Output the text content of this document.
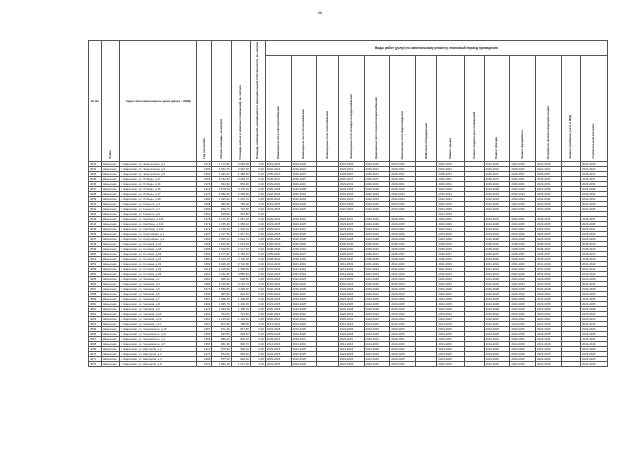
46
№ п/п	Район	Адрес многоквартирного дома (далее – МКД)	Год постройки	Общая площадь, кв.метров	Площадь жилых и нежилых помещений, кв. метров	Площадь помещений, находящихся в муниципальной собственности, кв. метров	Виды работ (услуг) по капитальному ремонту, плановый период проведения													
							Инженерные сети электроснабжения	Инженерные сети теплоснабжения	Инженерные сети газоснабжения	Инженерные сети холодного водоснабжения	Инженерные сети горячего водоснабжения	Инженерные сети водоотведения	Лифтовое оборудование	Ремонт крыши	Ремонт подвальных помещений	Ремонт фасада	Ремонт фундамента	Разработка проектной документации	Замена приборов учета в МКД	Строительный контроль
4632	Шарыпово	г. Шарыпово, пр. Энергетиков, д.1	1979	4 172,80	3 665,60	0,00	2024-2026	2023-2025		2023-2025	2023-2025	2023-2025		2023-2025		2023-2025	2023-2025	2023-2025		2023-2025
4633	Шарыпово	г. Шарыпово, пр. Энергетиков, д.3	1990	4 534,70	4 042,90	0,00	2020-2022	2020-2022		2020-2022	2020-2022	2020-2022		2020-2022		2020-2022	2020-2022	2020-2022		2020-2022
4634	Шарыпово	г. Шарыпово, пр. Энергетиков, д.5	1992	1 461,60	1 380,50	0,00	2035-2037	2035-2037		2035-2037	2035-2037	2035-2037		2035-2037		2035-2037	2035-2037	2035-2037		2035-2037
4635	Шарыпово	г. Шарыпово, пр. Победы, д.17	2002	8 732,50	6 939,70	0,00	2035-2037	2035-2037		2035-2037	2035-2037	2035-2037		2035-2037		2035-2037	2035-2037	2035-2037		2035-2037
4636	Шарыпово	г. Шарыпово, пр. Победы, д.31	1970	933,30	852,40	0,00	2029-2031	2029-2031		2029-2031	2029-2031	2029-2031		2029-2031		2029-2031	2029-2031	2029-2031		2029-2031
4637	Шарыпово	г. Шарыпово, пр. Победы, д.35	1974	3 578,60	3 175,40	0,00	2026-2028	2026-2028		2026-2028	2026-2028	2026-2028		2026-2028		2026-2028	2026-2028	2026-2028		2026-2028
4638	Шарыпово	г. Шарыпово, пр. Победы, д.37	1975	3 580,90	2 948,90	0,00	2032-2034	2032-2034		2032-2034	2032-2034	2032-2034		2032-2034		2032-2034	2032-2034	2032-2034		2032-2034
4639	Шарыпово	г. Шарыпово, пр. Победы, д.49	1982	1 293,00	1 201,70	0,00	2032-2034	2032-2034		2032-2034	2032-2034	2032-2034		2032-2034		2032-2034	2032-2034	2032-2034		2032-2034
4640	Шарыпово	г. Шарыпово, ул. Горького, д.4	1958	960,50	759,30	0,00	2023-2025	2023-2025		2023-2025	2023-2025	2023-2025		2023-2025		2023-2025	2023-2025	2023-2025		2023-2025
4641	Шарыпово	г. Шарыпово, ул. Горького, д.7	1960	849,70	742,60	0,00	2023-2025	2023-2025		2023-2025	2023-2025	2023-2025		2023-2025		2023-2025	2023-2025	2023-2025		2023-2025
4642	Шарыпово	г. Шарыпово, ул. Горького, д.9	1962	548,90	507,80	0,00								2017-2019						
4643	Шарыпово	г. Шарыпово, ул. Свободы, д.129	1978	1 170,30	1 087,20	0,00	2029-2031	2029-2031		2029-2031	2029-2031	2029-2031		2029-2031		2029-2031	2029-2031	2029-2031		2029-2031
4644	Шарыпово	г. Шарыпово, ул. Свободы, д.131	1972	1 155,30	1 083,40	0,00	2023-2025	2023-2025		2023-2025	2023-2025	2023-2025		2023-2025		2023-2025	2023-2025	2023-2025		2023-2025
4645	Шарыпово	г. Шарыпово, ул. Свободы, д.133	1971	1 156,50	1 002,10	0,00	2029-2031	2029-2031		2029-2031	2029-2031	2029-2031		2029-2031		2029-2031	2029-2031	2029-2031		2029-2031
4646	Шарыпово	г. Шарыпово, ул. Спортивная, д.1	1967	2 117,50	1 917,40	0,00	2023-2025	2023-2025		2023-2025	2023-2025	2023-2025		2023-2025		2023-2025	2023-2025	2023-2025		2023-2025
4647	Шарыпово	г. Шарыпово, ул. Спортивная, д.3	1964	3 003,20	2 644,70	0,00	2026-2028	2026-2028		2026-2028	2026-2028	2026-2028		2026-2028		2026-2028	2026-2028	2026-2028		2026-2028
4648	Шарыпово	г. Шарыпово, ул. Степная, д.16	1966	1 813,50	1 614,60	0,00	2038-2040	2038-2040		2038-2040	2038-2040	2038-2040		2038-2040		2038-2040	2038-2040	2038-2040		2038-2040
4649	Шарыпово	г. Шарыпово, ул. Степная, д.18	1968	2 520,50	2 217,40	0,00	2038-2040	2038-2040		2038-2040	2038-2040	2038-2040		2038-2040		2038-2040	2038-2040	2038-2040		2038-2040
4650	Шарыпово	г. Шарыпово, ул. Степная, д.19	1969	3 177,50	2 784,40	0,00	2035-2037	2035-2037		2035-2037	2035-2037	2035-2037		2035-2037		2035-2037	2035-2037	2035-2037		2035-2037
4651	Шарыпово	г. Шарыпово, ул. Степная, д.21	1980	3 103,70	2 732,00	0,00	2038-2040	2038-2040		2038-2040	2038-2040	2038-2040		2038-2040		2038-2040	2038-2040	2038-2040		2038-2040
4652	Шарыпово	г. Шарыпово, ул. Степная, д.22	1982	4 206,40	3 722,80	0,00	2041-2043	2041-2043		2041-2043	2041-2043	2041-2043		2041-2043		2041-2043	2041-2043	2041-2043		2041-2043
4653	Шарыпово	г. Шарыпово, ул. Степная, д.23	2013	2 216,80	1 938,80	0,00	2041-2043	2041-2043		2041-2043	2041-2043	2041-2043		2041-2043		2041-2043	2041-2043	2041-2043		2041-2043
4654	Шарыпово	г. Шарыпово, ул. Степная, д.25	2012	4 311,80	3 850,40	0,00	2041-2043	2041-2043		2041-2043	2041-2043	2041-2043		2041-2043		2041-2043	2041-2043	2041-2043		2041-2043
4655	Шарыпово	г. Шарыпово, ул. Чапаева, д.1	1961	938,10	838,50	0,00	2023-2025	2023-2025		2023-2025	2023-2025	2023-2025		2023-2025		2023-2025	2023-2025	2023-2025		2023-2025
4656	Шарыпово	г. Шарыпово, ул. Чапаева, д.3	1982	3 419,80	3 124,70	0,00	2032-2034	2032-2034		2032-2034	2032-2034	2032-2034		2032-2034		2032-2034	2032-2034	2032-2034		2032-2034
4657	Шарыпово	г. Шарыпово, ул. Чапаева, д.5	1973	3 556,80	3 406,50	0,00	2026-2028	2026-2028		2026-2028	2026-2028	2026-2028		2026-2028		2026-2028	2026-2028	2026-2028		2026-2028
4658	Шарыпово	г. Шарыпово, ул. Чапаева, д.6	1966	963,50	831,40	0,00	2020-2022	2020-2022		2020-2022	2020-2022	2020-2022		2020-2022		2020-2022	2020-2022	2020-2022		2020-2022
4659	Шарыпово	г. Шарыпово, ул. Чапаева, д.7	1967	1 368,20	1 196,90	0,00	2023-2025	2023-2025		2023-2025	2023-2025	2023-2025		2023-2025		2023-2025	2023-2025	2023-2025		2023-2025
4660	Шарыпово	г. Шарыпово, ул. Чапаева, д.8	1969	1 365,70	1 202,30	0,00	2023-2025	2023-2025		2023-2025	2023-2025	2023-2025		2023-2025		2023-2025	2023-2025	2023-2025		2023-2025
4661	Шарыпово	г. Шарыпово, ул. Чапаева, д.9	1970	1 363,30	1 185,30	0,00	2026-2028	2026-2028		2026-2028	2026-2028	2026-2028		2026-2028		2026-2028	2026-2028	2026-2028		2026-2028
4662	Шарыпово	г. Шарыпово, ул. Чапаева, д.10	1961	764,50	721,60	0,00	2020-2022	2020-2022		2020-2022	2020-2022	2020-2022		2020-2022		2020-2022	2020-2022	2020-2022		2020-2022
4663	Шарыпово	г. Шарыпово, ул. Чапаева, д.12	1961	1 213,60	1 104,60	0,00	2020-2022	2020-2022		2020-2022	2020-2022	2020-2022		2020-2022		2020-2022	2020-2022	2020-2022		2020-2022
4664	Шарыпово	г. Шарыпово, ул. Чапаева, д.17	1957	871,80	788,90	0,00	2014-2016	2014-2016		2014-2016	2014-2016	2014-2016		2014-2016		2014-2016	2014-2016	2014-2016		2014-2016
4665	Шарыпово	г. Шарыпово, ул. Черновского, д.16	1957	871,30	817,80	0,00	2023-2025	2023-2025		2023-2025	2023-2025	2023-2025		2023-2025		2023-2025	2023-2025	2023-2025		2023-2025
4666	Шарыпово	г. Шарыпово, ул. Черновского, д.17	1958	693,50	646,40	0,00	2023-2025	2023-2025		2023-2025	2023-2025	2023-2025		2023-2025		2023-2025	2023-2025	2023-2025		2023-2025
4667	Шарыпово	г. Шарыпово, ул. Черновского, д.3	1959	886,20	830,10	0,00	2029-2031	2029-2031		2029-2031	2029-2031	2029-2031		2029-2031		2029-2031	2029-2031	2029-2031		2029-2031
4668	Шарыпово	г. Шарыпово, ул. Черновского, д.5	1957	681,30	602,70	0,00	2014-2016	2014-2016		2014-2016	2014-2016	2014-2016		2014-2016		2014-2016	2014-2016	2014-2016		2014-2016
4669	Шарыпово	г. Шарыпово, ул. Шахтеров, д.2	1972	675,90	606,10	0,00	2023-2025	2023-2025		2023-2025	2023-2025	2023-2025		2023-2025		2023-2025	2023-2025	2023-2025		2023-2025
4670	Шарыпово	г. Шарыпово, ул. Шахтеров, д.3	1973	974,50	946,40	0,00	2023-2025	2023-2025		2023-2025	2023-2025	2023-2025		2023-2025		2023-2025	2023-2025	2023-2025		2023-2025
4671	Шарыпово	г. Шарыпово, ул. Шахтеров, д.4	1968	877,50	802,40	0,00	2023-2025	2023-2025		2023-2025	2023-2025	2023-2025		2023-2025		2023-2025	2023-2025	2023-2025		2023-2025
4672	Шарыпово	г. Шарыпово, ул. Шахтеров, д.6	1971	1 883,10	1 671,00	0,00	2023-2025	2023-2025		2023-2025	2023-2025	2023-2025		2023-2025		2023-2025	2023-2025	2023-2025		2023-2025
